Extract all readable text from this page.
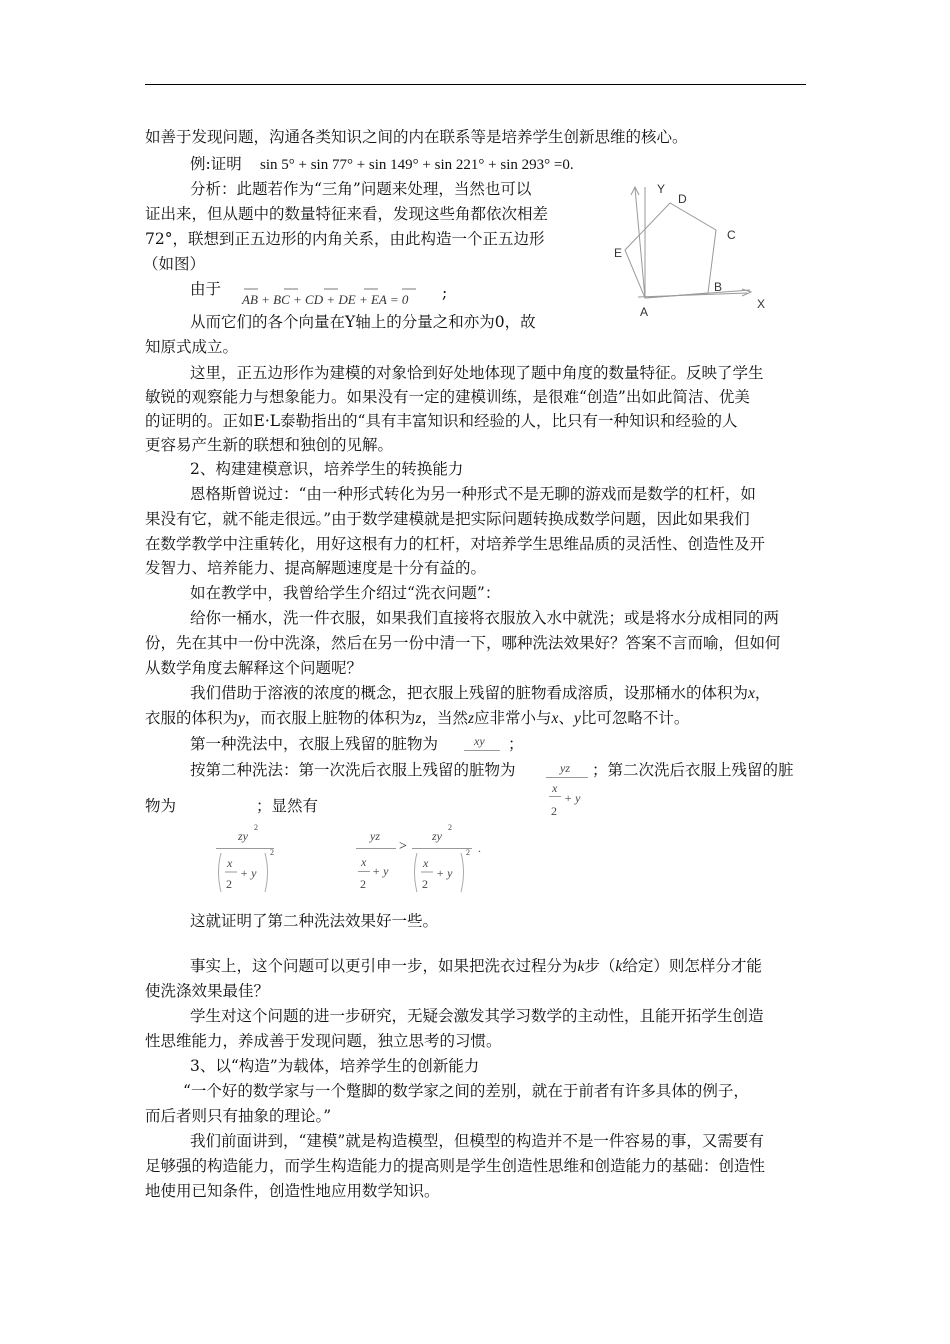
如善于发现问题，沟通各类知识之间的内在联系等是培养学生创新思维的核心。
例:证明 sin 5° + sin 77° + sin 149° + sin 221° + sin 293° =0.
分析：此题若作为“三角”问题来处理，当然也可以
证出来，但从题中的数量特征来看，发现这些角都依次相差
72°，联想到正五边形的内角关系，由此构造一个正五边形
（如图）
由于
AB + BC + CD + DE + EA = 0 ;
从而它们的各个向量在Y轴上的分量之和亦为0，故
知原式成立。
Y
D
C
E
B
X
A
这里，正五边形作为建模的对象恰到好处地体现了题中角度的数量特征。反映了学生
敏锐的观察能力与想象能力。如果没有一定的建模训练，是很难“创造”出如此简洁、优美
的证明的。正如E·L泰勒指出的“具有丰富知识和经验的人，比只有一种知识和经验的人
更容易产生新的联想和独创的见解。
2、构建建模意识，培养学生的转换能力
恩格斯曾说过：“由一种形式转化为另一种形式不是无聊的游戏而是数学的杠杆，如
果没有它，就不能走很远。”由于数学建模就是把实际问题转换成数学问题，因此如果我们
在数学教学中注重转化，用好这根有力的杠杆，对培养学生思维品质的灵活性、创造性及开
发智力、培养能力、提高解题速度是十分有益的。
如在教学中，我曾给学生介绍过“洗衣问题”：
给你一桶水，洗一件衣服，如果我们直接将衣服放入水中就洗；或是将水分成相同的两
份，先在其中一份中洗涤，然后在另一份中清一下，哪种洗法效果好？答案不言而喻，但如何
从数学角度去解释这个问题呢？
我们借助于溶液的浓度的概念，把衣服上残留的脏物看成溶质，设那桶水的体积为x，
衣服的体积为y，而衣服上脏物的体积为z，当然z应非常小与x、y比可忽略不计。
第一种洗法中，衣服上残留的脏物为	xy ；
按第二种洗法：第一次洗后衣服上残留的脏物为	yz
x
2
+ y
；第二次洗后衣服上残留的脏
物为	；显然有
zy
2
x
2
+ y
2
yz
x
2
+ y
>
zy
2
x
2
+ y
2 .
这就证明了第二种洗法效果好一些。
事实上，这个问题可以更引申一步，如果把洗衣过程分为k步（k给定）则怎样分才能
使洗涤效果最佳？
学生对这个问题的进一步研究，无疑会激发其学习数学的主动性，且能开拓学生创造
性思维能力，养成善于发现问题，独立思考的习惯。
3、以“构造”为载体，培养学生的创新能力
“一个好的数学家与一个蹩脚的数学家之间的差别，就在于前者有许多具体的例子，
而后者则只有抽象的理论。”
我们前面讲到，“建模”就是构造模型，但模型的构造并不是一件容易的事，又需要有
足够强的构造能力，而学生构造能力的提高则是学生创造性思维和创造能力的基础：创造性
地使用已知条件，创造性地应用数学知识。
